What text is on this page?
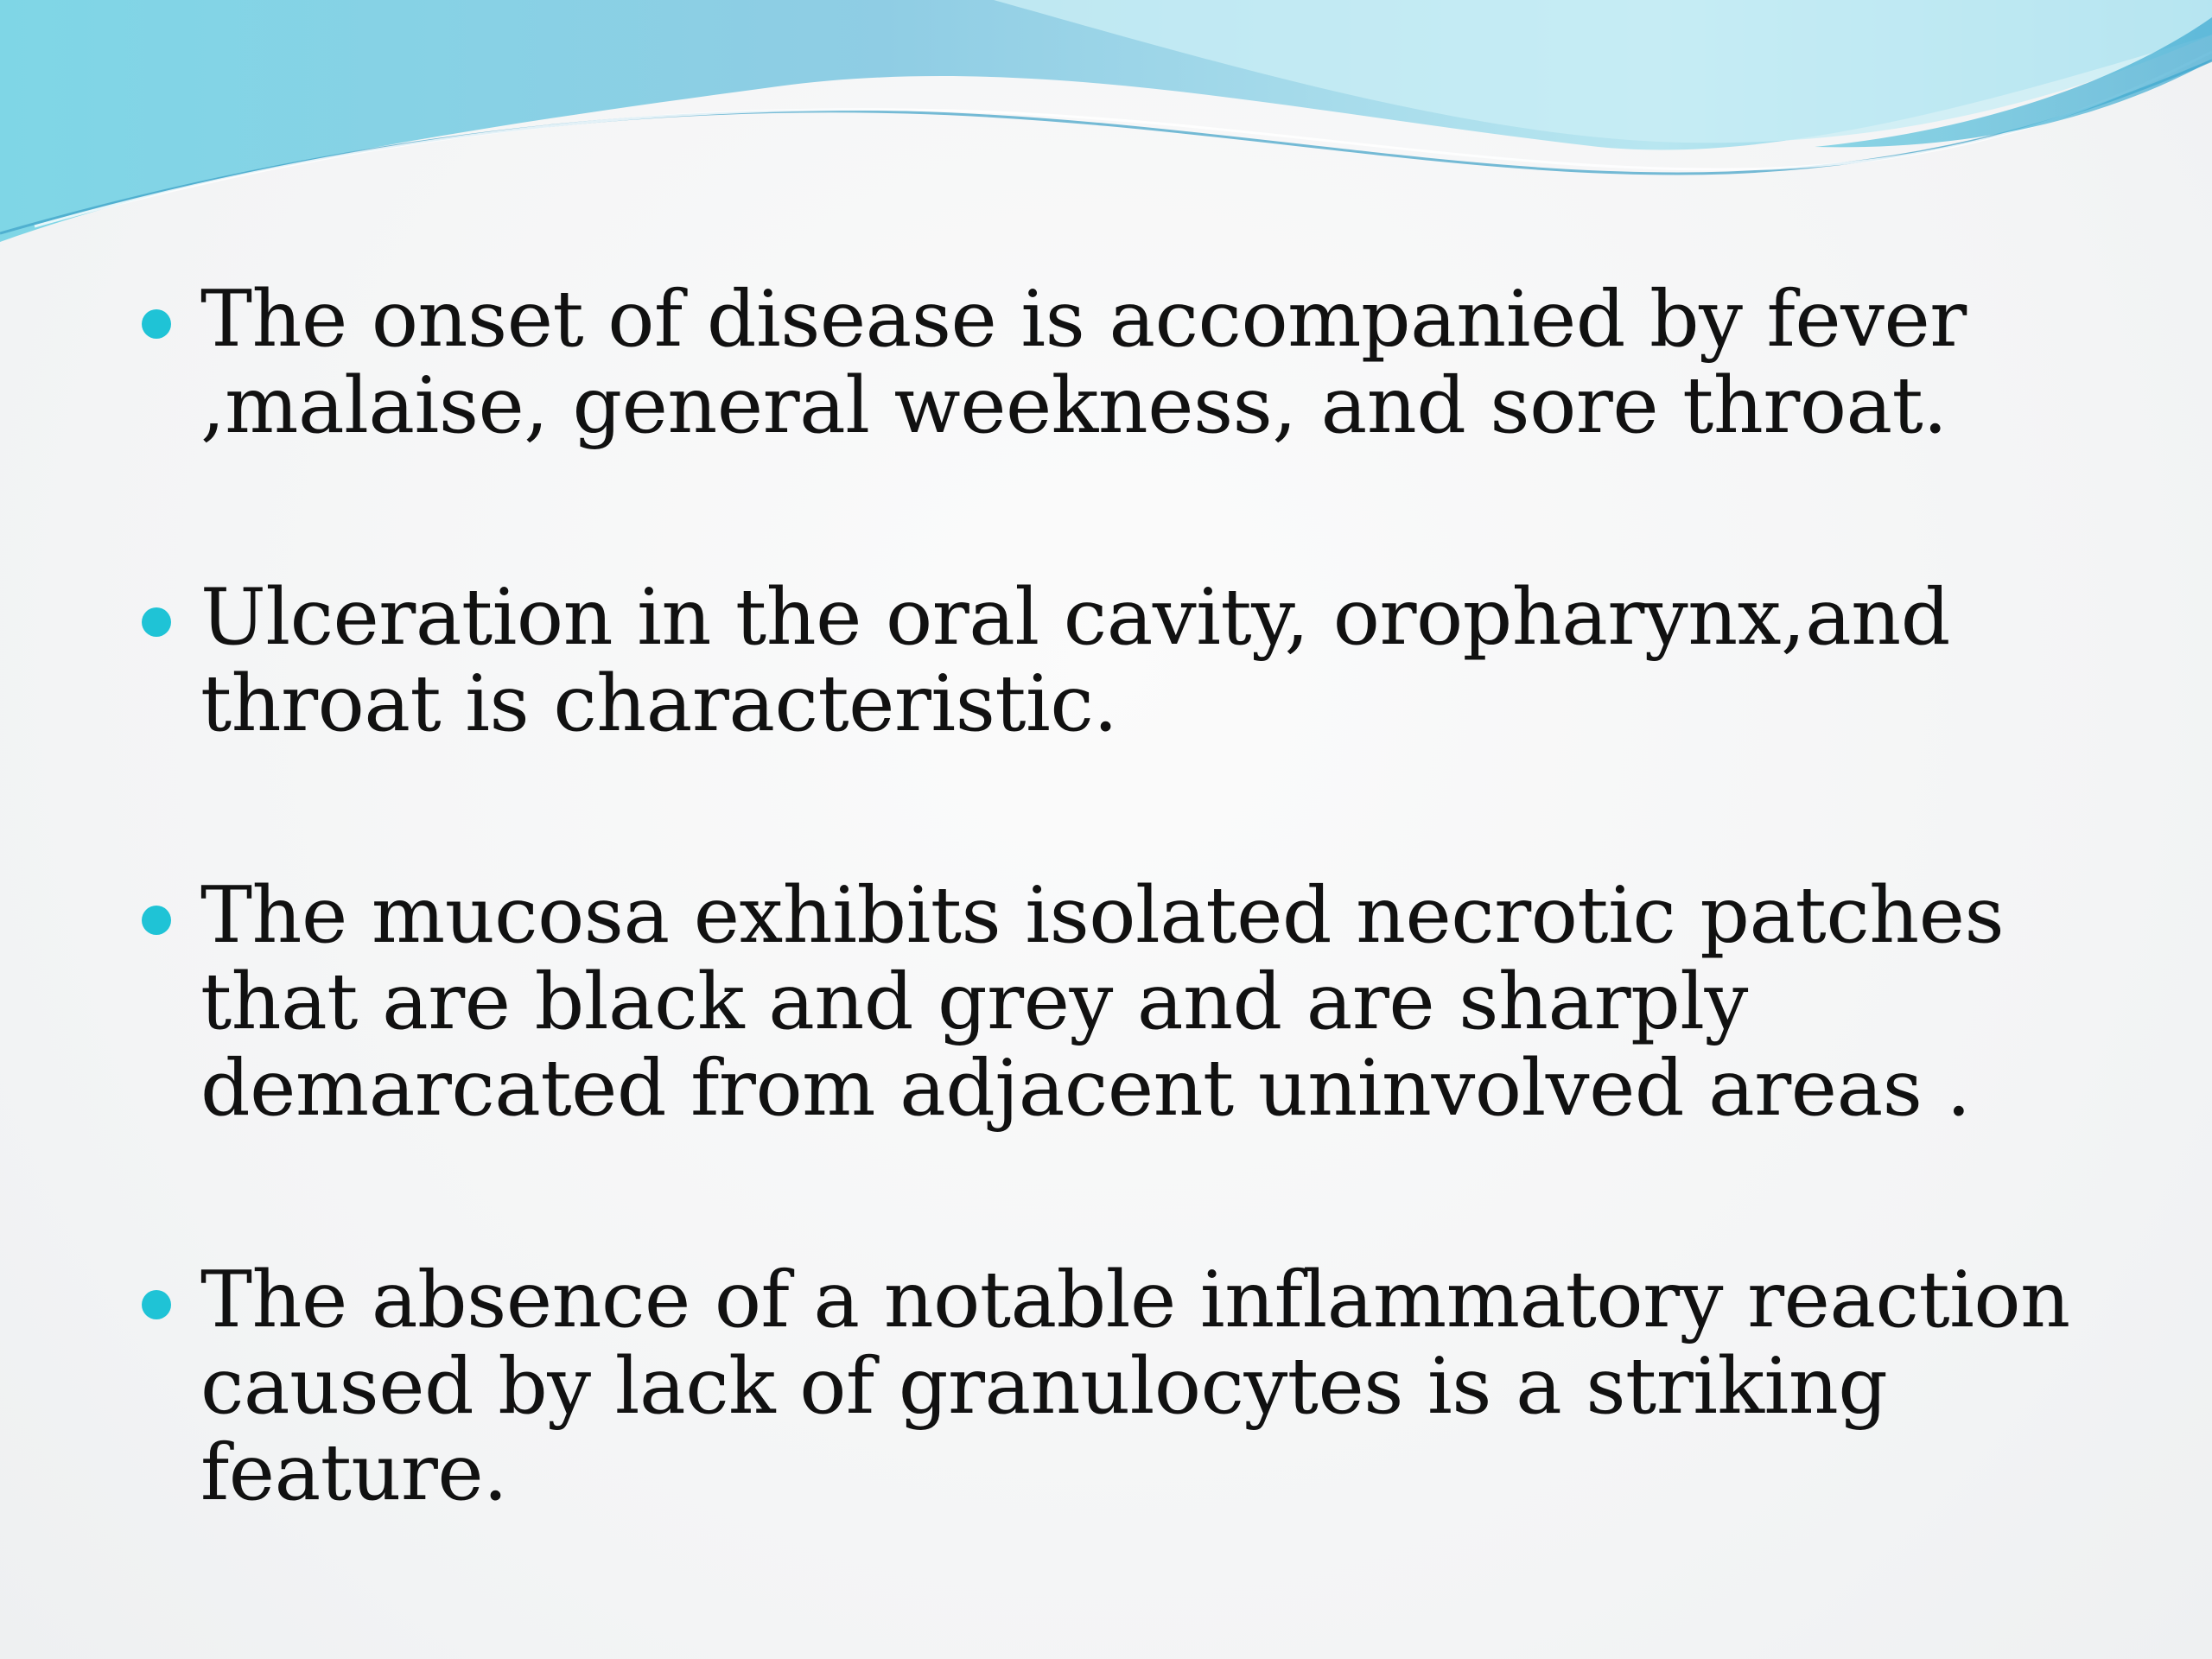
The onset of disease is accompanied by fever ,malaise, general weekness, and sore throat.
Ulceration in the oral cavity, oropharynx,and throat is characteristic.
The mucosa exhibits isolated necrotic patches that are black and grey and are sharply demarcated from adjacent uninvolved areas .
The absence of a notable inflammatory reaction caused by lack of granulocytes is a striking feature.
